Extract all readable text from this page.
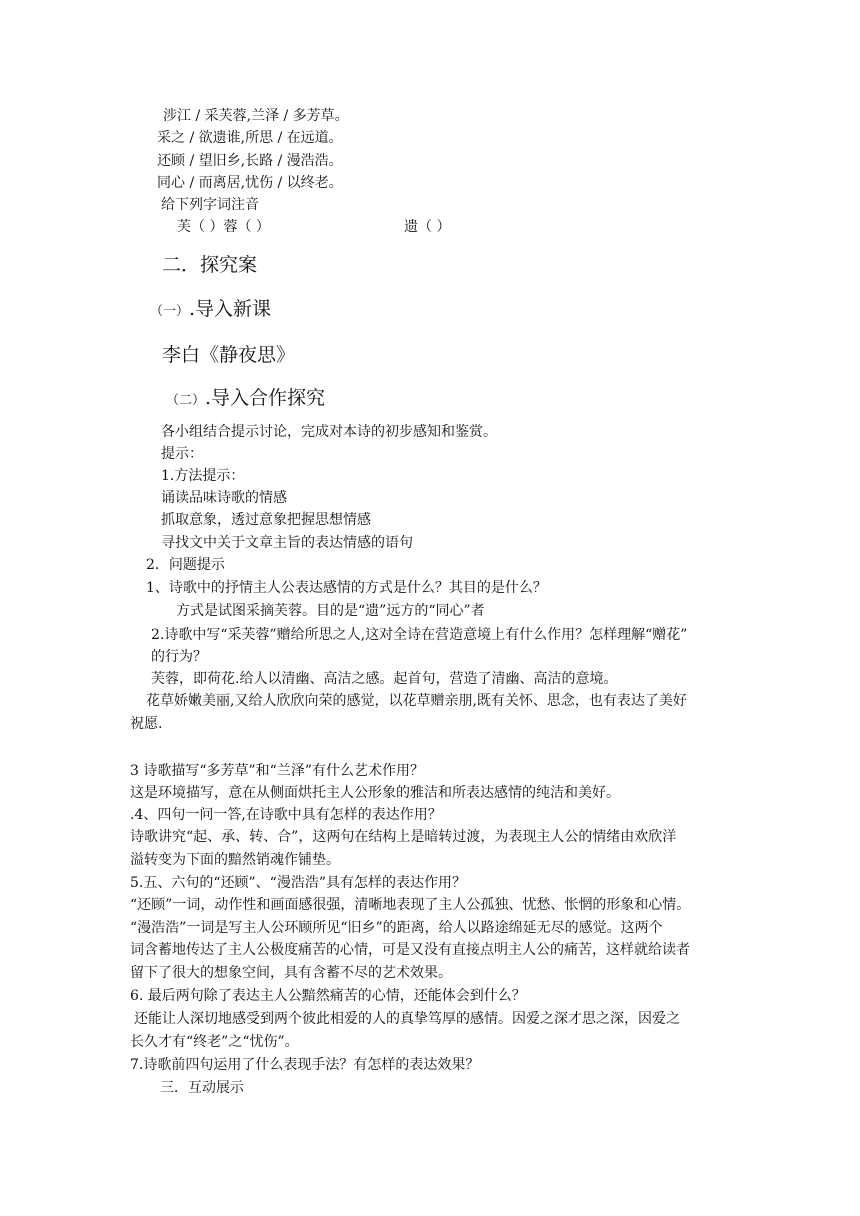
涉江 / 采芙蓉,兰泽 / 多芳草。
采之 / 欲遗谁,所思 / 在远道。
还顾 / 望旧乡,长路 / 漫浩浩。
同心 / 而离居,忧伤 / 以终老。
给下列字词注音
芙（ ）蓉（ ）	遗（ ）
二．探究案
（一）.导入新课
李白《静夜思》
（二）.导入合作探究
各小组结合提示讨论，完成对本诗的初步感知和鉴赏。
提示：
1.方法提示：
诵读品味诗歌的情感
抓取意象，透过意象把握思想情感
寻找文中关于文章主旨的表达情感的语句
2．问题提示
1、诗歌中的抒情主人公表达感情的方式是什么？其目的是什么？
方式是试图采摘芙蓉。目的是“遗”远方的“同心”者
2.诗歌中写“采芙蓉”赠给所思之人,这对全诗在营造意境上有什么作用？怎样理解“赠花”
的行为？
芙蓉，即荷花.给人以清幽、高洁之感。起首句，营造了清幽、高洁的意境。
花草娇嫩美丽,又给人欣欣向荣的感觉，以花草赠亲朋,既有关怀、思念，也有表达了美好
祝愿.
3 诗歌描写“多芳草”和“兰泽”有什么艺术作用？
这是环境描写，意在从侧面烘托主人公形象的雅洁和所表达感情的纯洁和美好。
.4、四句一问一答,在诗歌中具有怎样的表达作用？
诗歌讲究“起、承、转、合”，这两句在结构上是暗转过渡，为表现主人公的情绪由欢欣洋
溢转变为下面的黯然销魂作铺垫。
5.五、六句的“还顾”、“漫浩浩”具有怎样的表达作用？
“还顾”一词，动作性和画面感很强，清晰地表现了主人公孤独、忧愁、怅惘的形象和心情。
“漫浩浩”一词是写主人公环顾所见“旧乡”的距离，给人以路途绵延无尽的感觉。这两个
词含蓄地传达了主人公极度痛苦的心情，可是又没有直接点明主人公的痛苦，这样就给读者
留下了很大的想象空间，具有含蓄不尽的艺术效果。
6. 最后两句除了表达主人公黯然痛苦的心情，还能体会到什么？
还能让人深切地感受到两个彼此相爱的人的真挚笃厚的感情。因爱之深才思之深，因爱之
长久才有“终老”之“忧伤”。
7.诗歌前四句运用了什么表现手法？有怎样的表达效果？
三．互动展示
